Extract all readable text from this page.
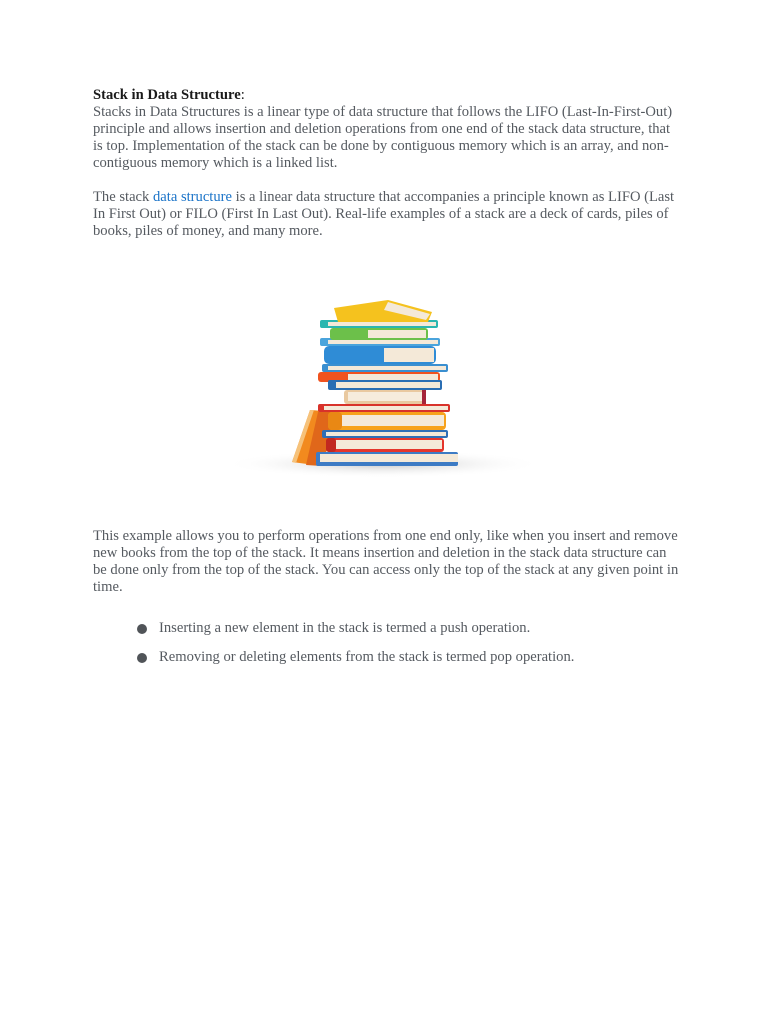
Stack in Data Structure:

Stacks in Data Structures is a linear type of data structure that follows the LIFO (Last-In-First-Out) principle and allows insertion and deletion operations from one end of the stack data structure, that is top. Implementation of the stack can be done by contiguous memory which is an array, and non-contiguous memory which is a linked list.

The stack data structure is a linear data structure that accompanies a principle known as LIFO (Last In First Out) or FILO (First In Last Out). Real-life examples of a stack are a deck of cards, piles of books, piles of money, and many more.

This example allows you to perform operations from one end only, like when you insert and remove new books from the top of the stack. It means insertion and deletion in the stack data structure can be done only from the top of the stack. You can access only the top of the stack at any given point in time.

Inserting a new element in the stack is termed a push operation.
Removing or deleting elements from the stack is termed pop operation.
